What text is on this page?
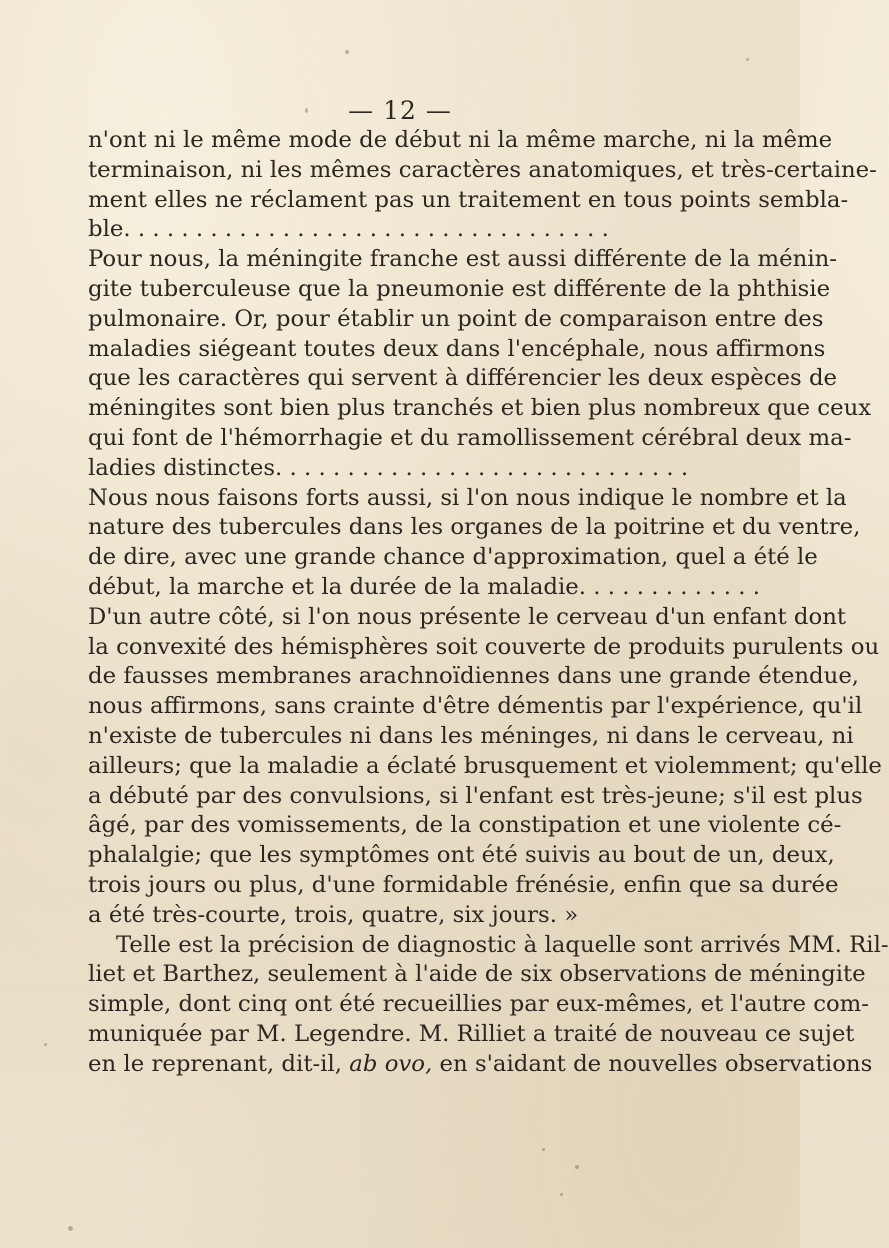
— 12 —
n'ont ni le même mode de début ni la même marche, ni la même
terminaison, ni les mêmes caractères anatomiques, et très-certaine-
ment elles ne réclament pas un traitement en tous points sembla-
ble. . . . . . . . . . . . . . . . . . . . . . . . . . . . . . . . . .
Pour nous, la méningite franche est aussi différente de la ménin-
gite tuberculeuse que la pneumonie est différente de la phthisie
pulmonaire. Or, pour établir un point de comparaison entre des
maladies siégeant toutes deux dans l'encéphale, nous affirmons
que les caractères qui servent à différencier les deux espèces de
méningites sont bien plus tranchés et bien plus nombreux que ceux
qui font de l'hémorrhagie et du ramollissement cérébral deux ma-
ladies distinctes. . . . . . . . . . . . . . . . . . . . . . . . . . . . .
Nous nous faisons forts aussi, si l'on nous indique le nombre et la
nature des tubercules dans les organes de la poitrine et du ventre,
de dire, avec une grande chance d'approximation, quel a été le
début, la marche et la durée de la maladie. . . . . . . . . . . . .
D'un autre côté, si l'on nous présente le cerveau d'un enfant dont
la convexité des hémisphères soit couverte de produits purulents ou
de fausses membranes arachnoïdiennes dans une grande étendue,
nous affirmons, sans crainte d'être démentis par l'expérience, qu'il
n'existe de tubercules ni dans les méninges, ni dans le cerveau, ni
ailleurs; que la maladie a éclaté brusquement et violemment; qu'elle
a débuté par des convulsions, si l'enfant est très-jeune; s'il est plus
âgé, par des vomissements, de la constipation et une violente cé-
phalalgie; que les symptômes ont été suivis au bout de un, deux,
trois jours ou plus, d'une formidable frénésie, enfin que sa durée
a été très-courte, trois, quatre, six jours. »
Telle est la précision de diagnostic à laquelle sont arrivés MM. Ril-
liet et Barthez, seulement à l'aide de six observations de méningite
simple, dont cinq ont été recueillies par eux-mêmes, et l'autre com-
muniquée par M. Legendre. M. Rilliet a traité de nouveau ce sujet
en le reprenant, dit-il, ab ovo, en s'aidant de nouvelles observations
